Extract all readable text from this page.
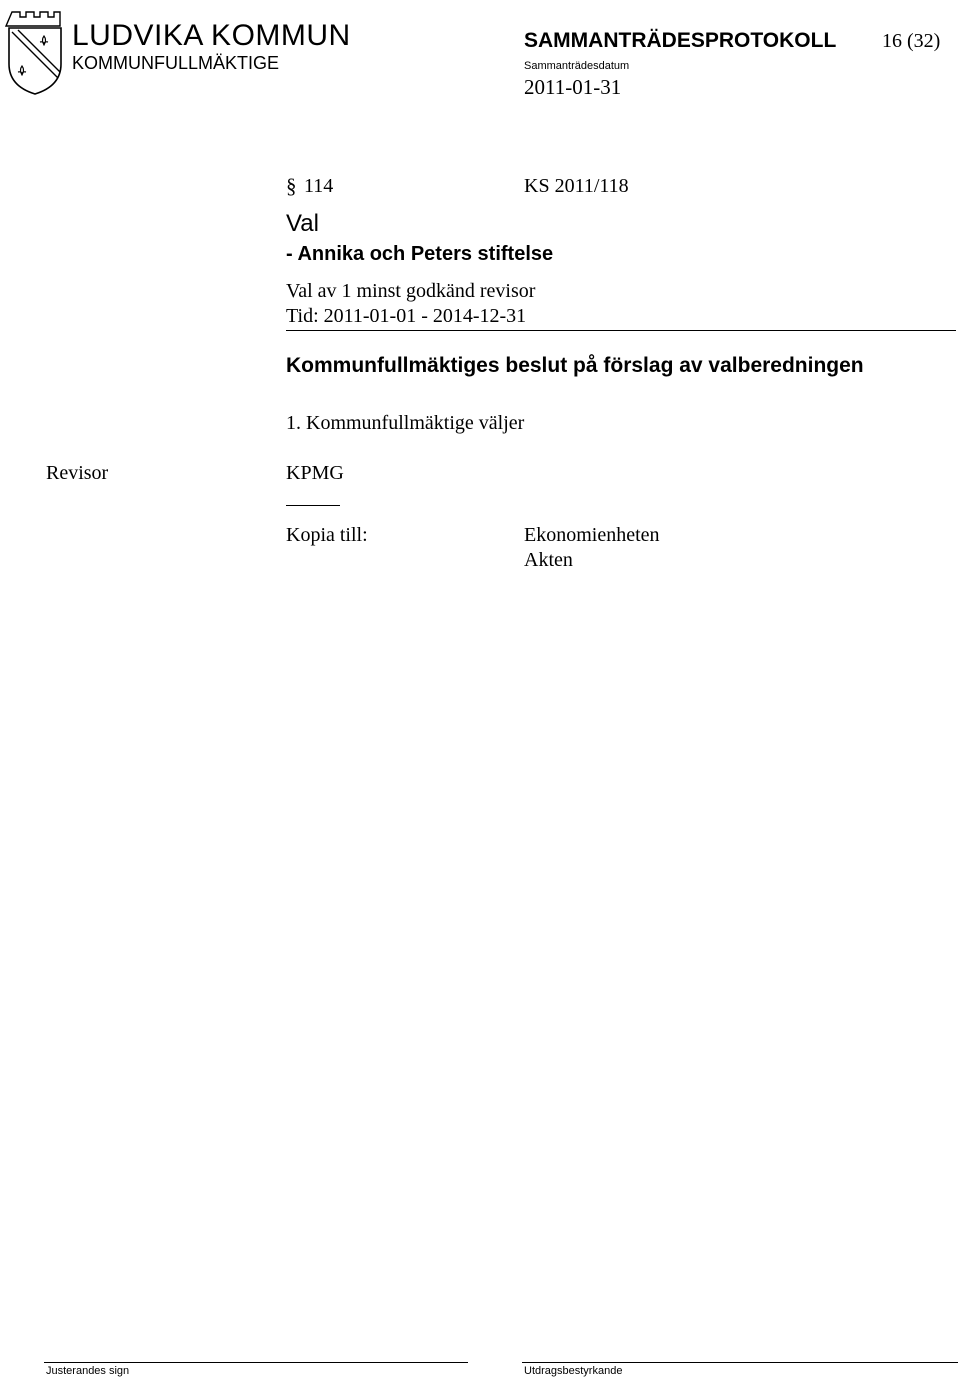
LUDVIKA KOMMUN
KOMMUNFULLMÄKTIGE
SAMMANTRÄDESPROTOKOLL 16 (32)
Sammanträdesdatum
2011-01-31
§ 114	KS 2011/118
Val
- Annika och Peters stiftelse
Val av 1 minst godkänd revisor
Tid: 2011-01-01 - 2014-12-31
Kommunfullmäktiges beslut på förslag av valberedningen
1. Kommunfullmäktige väljer
Revisor	KPMG
Kopia till:	Ekonomienheten
Akten
Justerandes sign	Utdragsbestyrkande
